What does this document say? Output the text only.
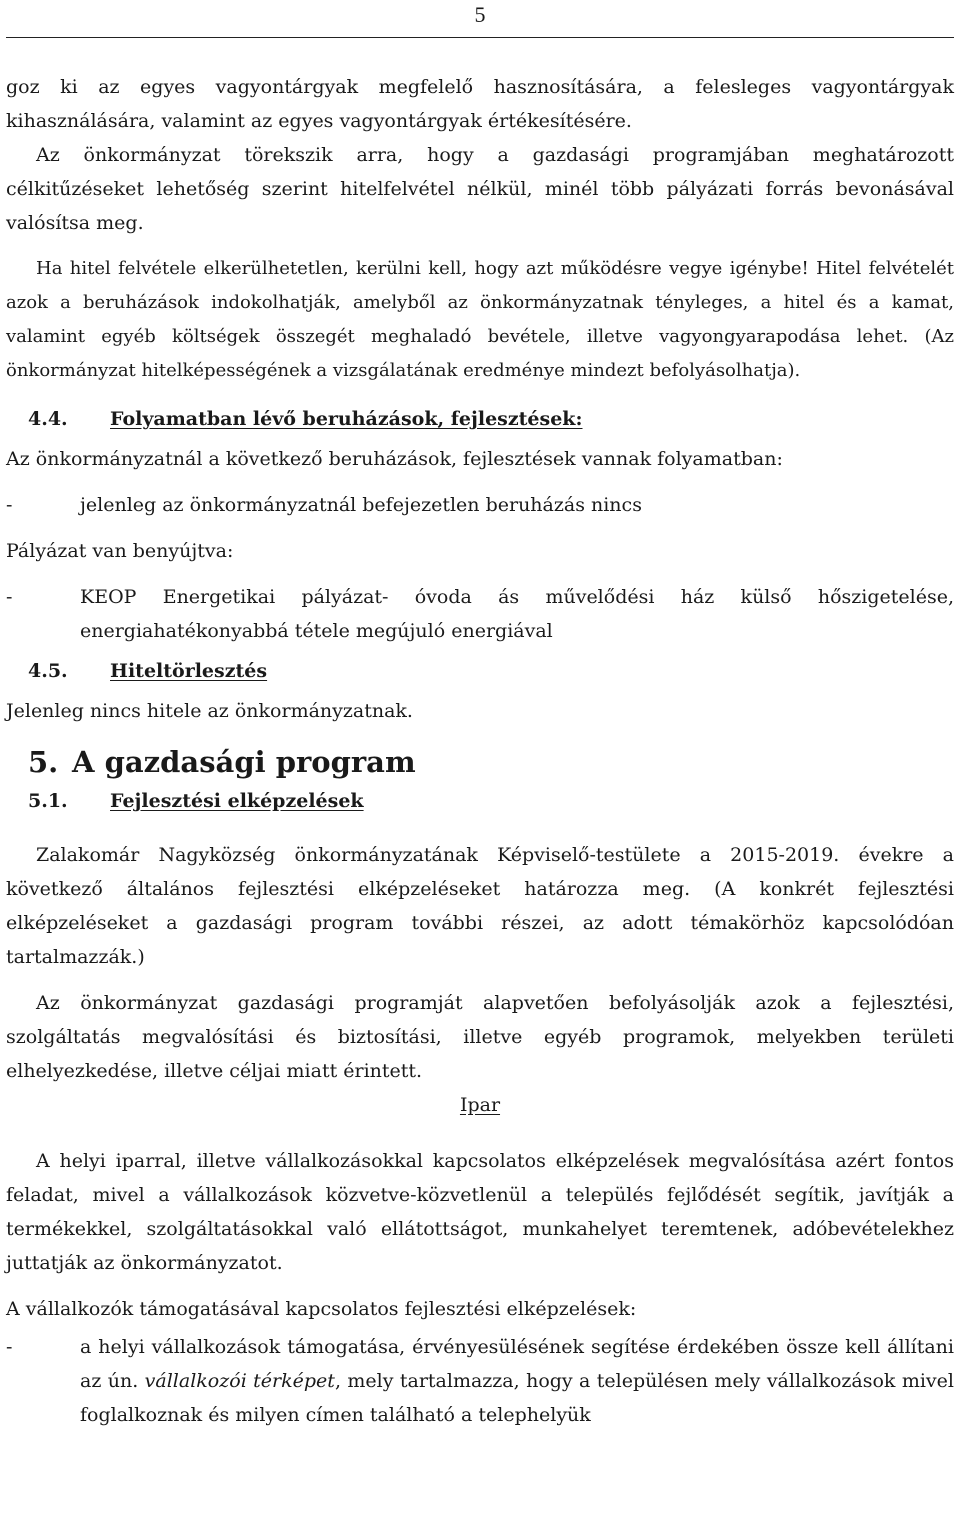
5

goz ki az egyes vagyontárgyak megfelelő hasznosítására, a felesleges vagyontárgyak kihasználására, valamint az egyes vagyontárgyak értékesítésére.

Az önkormányzat törekszik arra, hogy a gazdasági programjában meghatározott célkitűzéseket lehetőség szerint hitelfelvétel nélkül, minél több pályázati forrás bevonásával valósítsa meg.

Ha hitel felvétele elkerülhetetlen, kerülni kell, hogy azt működésre vegye igénybe! Hitel felvételét azok a beruházások indokolhatják, amelyből az önkormányzatnak tényleges, a hitel és a kamat, valamint egyéb költségek összegét meghaladó bevétele, illetve vagyongyarapodása lehet. (Az önkormányzat hitelképességének a vizsgálatának eredménye mindezt befolyásolhatja).

4.4.	Folyamatban lévő beruházások, fejlesztések:

Az önkormányzatnál a következő beruházások, fejlesztések vannak folyamatban:

-	jelenleg az önkormányzatnál befejezetlen beruházás nincs

Pályázat van benyújtva:

-	KEOP Energetikai pályázat- óvoda ás művelődési ház külső hőszigetelése, energiahatékonyabbá tétele megújuló energiával

4.5.	Hiteltörlesztés

Jelenleg nincs hitele az önkormányzatnak.

5. A gazdasági program

5.1.	Fejlesztési elképzelések

Zalakomár Nagyközség önkormányzatának Képviselő-testülete a 2015-2019. évekre a következő általános fejlesztési elképzeléseket határozza meg. (A konkrét fejlesztési elképzeléseket a gazdasági program további részei, az adott témakörhöz kapcsolódóan tartalmazzák.)

Az önkormányzat gazdasági programját alapvetően befolyásolják azok a fejlesztési, szolgáltatás megvalósítási és biztosítási, illetve egyéb programok, melyekben területi elhelyezkedése, illetve céljai miatt érintett.

Ipar

A helyi iparral, illetve vállalkozásokkal kapcsolatos elképzelések megvalósítása azért fontos feladat, mivel a vállalkozások közvetve-közvetlenül a település fejlődését segítik, javítják a termékekkel, szolgáltatásokkal való ellátottságot, munkahelyet teremtenek, adóbevételekhez juttatják az önkormányzatot.

A vállalkozók támogatásával kapcsolatos fejlesztési elképzelések:

-	a helyi vállalkozások támogatása, érvényesülésének segítése érdekében össze kell állítani az ún. vállalkozói térképet, mely tartalmazza, hogy a településen mely vállalkozások mivel foglalkoznak és milyen címen található a telephelyük
